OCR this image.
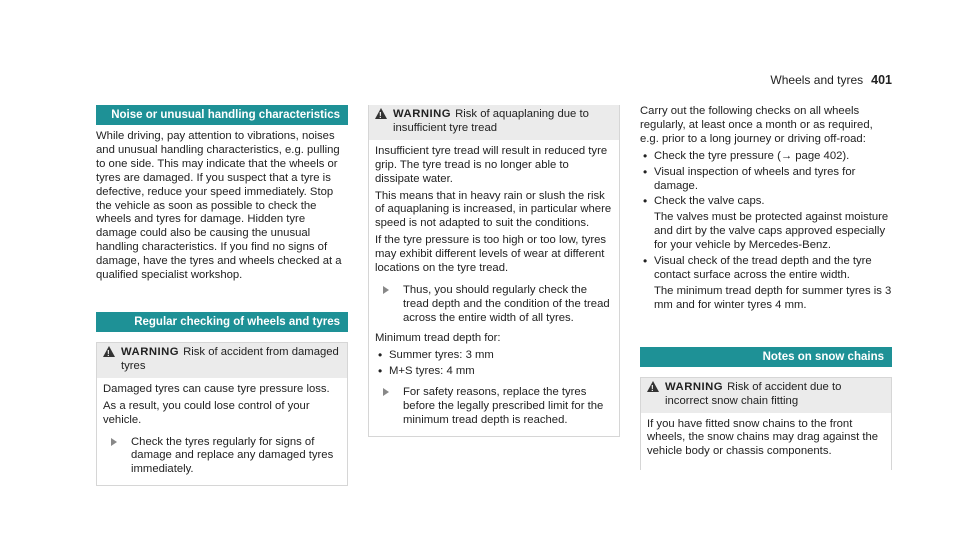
Wheels and tyres 401
Noise or unusual handling characteristics

While driving, pay attention to vibrations, noises and unusual handling characteristics, e.g. pulling to one side. This may indicate that the wheels or tyres are damaged. If you suspect that a tyre is defective, reduce your speed immediately. Stop the vehicle as soon as possible to check the wheels and tyres for damage. Hidden tyre damage could also be causing the unusual handling characteristics. If you find no signs of damage, have the tyres and wheels checked at a qualified specialist workshop.

Regular checking of wheels and tyres
!
WARNING Risk of accident from damaged tyres

Damaged tyres can cause tyre pressure loss.

As a result, you could lose control of your vehicle.

Check the tyres regularly for signs of damage and replace any damaged tyres immediately.
!
WARNING Risk of aquaplaning due to insufficient tyre tread

Insufficient tyre tread will result in reduced tyre grip. The tyre tread is no longer able to dissipate water.

This means that in heavy rain or slush the risk of aquaplaning is increased, in particular where speed is not adapted to suit the conditions.

If the tyre pressure is too high or too low, tyres may exhibit different levels of wear at different locations on the tyre tread.

Thus, you should regularly check the tread depth and the condition of the tread across the entire width of all tyres.

Minimum tread depth for:

• Summer tyres: 3 mm
• M+S tyres: 4 mm
For safety reasons, replace the tyres before the legally prescribed limit for the minimum tread depth is reached.

Carry out the following checks on all wheels regularly, at least once a month or as required, e.g. prior to a long journey or driving off-road:

• Check the tyre pressure (→ page 402).
• Visual inspection of wheels and tyres for damage.
• Check the valve caps.
The valves must be protected against moisture and dirt by the valve caps approved especially for your vehicle by Mercedes-Benz.
• Visual check of the tread depth and the tyre contact surface across the entire width.
The minimum tread depth for summer tyres is 3 mm and for winter tyres 4 mm.
Notes on snow chains
!
WARNING Risk of accident due to incorrect snow chain fitting

If you have fitted snow chains to the front wheels, the snow chains may drag against the vehicle body or chassis components.
